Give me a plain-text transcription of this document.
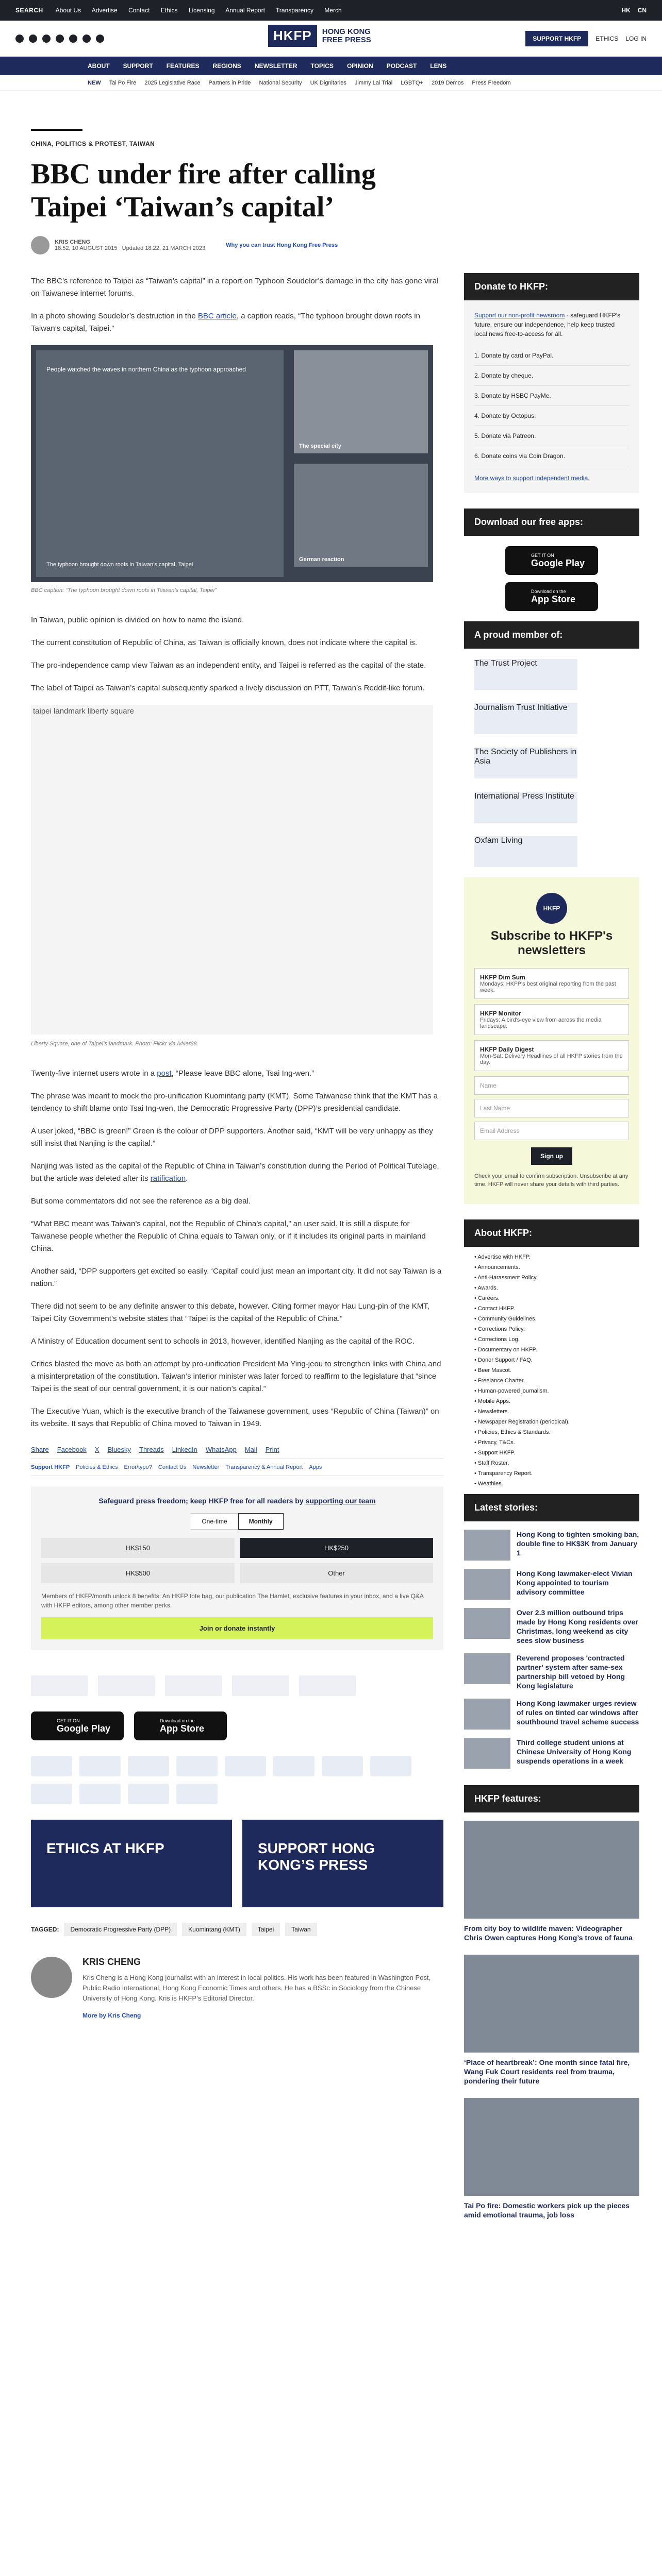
SEARCH About Us Advertise Contact Ethics Licensing Annual Report Transparency Merch	HK CN
SUPPORT HKFP	ETHICS LOG IN
HKFP	HONG KONG
FREE PRESS
ABOUT SUPPORT FEATURES REGIONS NEWSLETTER TOPICS OPINION PODCAST LENS
NEW Tai Po Fire 2025 Legislative Race Partners in Pride National Security UK Dignitaries Jimmy Lai Trial LGBTQ+ 2019 Demos Press Freedom
CHINA, POLITICS & PROTEST, TAIWAN
BBC under fire after calling Taipei ‘Taiwan’s capital’
KRIS CHENG
18:52, 10 AUGUST 2015 Updated 18:22, 21 MARCH 2023	Why you can trust Hong Kong Free Press

The BBC’s reference to Taipei as “Taiwan’s capital” in a report on Typhoon Soudelor’s damage in the city has gone viral on Taiwanese internet forums.

In a photo showing Soudelor’s destruction in the BBC article, a caption reads, “The typhoon brought down roofs in Taiwan’s capital, Taipei.”

People watched the waves in northern China as the typhoon approached
The special city
German reaction
The typhoon brought down roofs in Taiwan’s capital, Taipei
BBC caption: “The typhoon brought down roofs in Taiwan’s capital, Taipei”

In Taiwan, public opinion is divided on how to name the island.

The current constitution of Republic of China, as Taiwan is officially known, does not indicate where the capital is.

The pro-independence camp view Taiwan as an independent entity, and Taipei is referred as the capital of the state.

The label of Taipei as Taiwan’s capital subsequently sparked a lively discussion on PTT, Taiwan’s Reddit-like forum.

taipei landmark liberty square
Liberty Square, one of Taipei’s landmark. Photo: Flickr via ivNer88.

Twenty-five internet users wrote in a post, “Please leave BBC alone, Tsai Ing-wen.”

The phrase was meant to mock the pro-unification Kuomintang party (KMT). Some Taiwanese think that the KMT has a tendency to shift blame onto Tsai Ing-wen, the Democratic Progressive Party (DPP)’s presidential candidate.

A user joked, “BBC is green!” Green is the colour of DPP supporters. Another said, “KMT will be very unhappy as they still insist that Nanjing is the capital.”

Nanjing was listed as the capital of the Republic of China in Taiwan’s constitution during the Period of Political Tutelage, but the article was deleted after its ratification.

But some commentators did not see the reference as a big deal.

“What BBC meant was Taiwan’s capital, not the Republic of China’s capital,” an user said. It is still a dispute for Taiwanese people whether the Republic of China equals to Taiwan only, or if it includes its original parts in mainland China.

Another said, “DPP supporters get excited so easily. ‘Capital’ could just mean an important city. It did not say Taiwan is a nation.”

There did not seem to be any definite answer to this debate, however. Citing former mayor Hau Lung-pin of the KMT, Taipei City Government’s website states that “Taipei is the capital of the Republic of China.”

A Ministry of Education document sent to schools in 2013, however, identified Nanjing as the capital of the ROC.

Critics blasted the move as both an attempt by pro-unification President Ma Ying-jeou to strengthen links with China and a misinterpretation of the constitution. Taiwan’s interior minister was later forced to reaffirm to the legislature that “since Taipei is the seat of our central government, it is our nation’s capital.”

The Executive Yuan, which is the executive branch of the Taiwanese government, uses “Republic of China (Taiwan)” on its website. It says that Republic of China moved to Taiwan in 1949.

Share Facebook X Bluesky Threads LinkedIn WhatsApp Mail Print
Support HKFP Policies & Ethics Error/typo? Contact Us Newsletter Transparency & Annual Report Apps
Safeguard press freedom; keep HKFP free for all readers by supporting our team
One-time	Monthly
HK$150	HK$250
HK$500	Other
Members of HKFP/month unlock 8 benefits: An HKFP tote bag, our publication The Hamlet, exclusive features in your inbox, and a live Q&A with HKFP editors, among other member perks.
Join or donate instantly
GET IT ON
Google Play
Download on the
App Store
ETHICS AT HKFP	SUPPORT HONG KONG’S PRESS
TAGGED:	Democratic Progressive Party (DPP)	Kuomintang (KMT)	Taipei	Taiwan
KRIS CHENG

Kris Cheng is a Hong Kong journalist with an interest in local politics. His work has been featured in Washington Post, Public Radio International, Hong Kong Economic Times and others. He has a BSSc in Sociology from the Chinese University of Hong Kong. Kris is HKFP’s Editorial Director.

More by Kris Cheng
Donate to HKFP:
Support our non-profit newsroom - safeguard HKFP's future, ensure our independence, help keep trusted local news free-to-access for all.
1. Donate by card or PayPal.
2. Donate by cheque.
3. Donate by HSBC PayMe.
4. Donate by Octopus.
5. Donate via Patreon.
6. Donate coins via Coin Dragon.
More ways to support independent media.
Download our free apps:
GET IT ON
Google Play
Download on the
App Store
A proud member of:
The Trust Project
Journalism Trust Initiative
The Society of Publishers in Asia
International Press Institute
Oxfam Living
HKFP
Subscribe to HKFP's newsletters
HKFP Dim Sum
Mondays: HKFP's best original reporting from the past week.
HKFP Monitor
Fridays: A bird's-eye view from across the media landscape.
HKFP Daily Digest
Mon-Sat: Delivery Headlines of all HKFP stories from the day.
Name
Last Name
Email Address
Sign up
Check your email to confirm subscription. Unsubscribe at any time. HKFP will never share your details with third parties.
About HKFP:
• Advertise with HKFP.
• Announcements.
• Anti-Harassment Policy.
• Awards.
• Careers.
• Contact HKFP.
• Community Guidelines.
• Corrections Policy.
• Corrections Log.
• Documentary on HKFP.
• Donor Support / FAQ.
• Beer Mascot.
• Freelance Charter.
• Human-powered journalism.
• Mobile Apps.
• Newsletters.
• Newspaper Registration (periodical).
• Policies, Ethics & Standards.
• Privacy, T&Cs.
• Support HKFP.
• Staff Roster.
• Transparency Report.
• Weathies.
Latest stories:
Hong Kong to tighten smoking ban, double fine to HK$3K from January 1
Hong Kong lawmaker-elect Vivian Kong appointed to tourism advisory committee
Over 2.3 million outbound trips made by Hong Kong residents over Christmas, long weekend as city sees slow business
Reverend proposes 'contracted partner' system after same-sex partnership bill vetoed by Hong Kong legislature
Hong Kong lawmaker urges review of rules on tinted car windows after southbound travel scheme success
Third college student unions at Chinese University of Hong Kong suspends operations in a week
HKFP features:

From city boy to wildlife maven: Videographer Chris Owen captures Hong Kong’s trove of fauna

‘Place of heartbreak’: One month since fatal fire, Wang Fuk Court residents reel from trauma, pondering their future

Tai Po fire: Domestic workers pick up the pieces amid emotional trauma, job loss
